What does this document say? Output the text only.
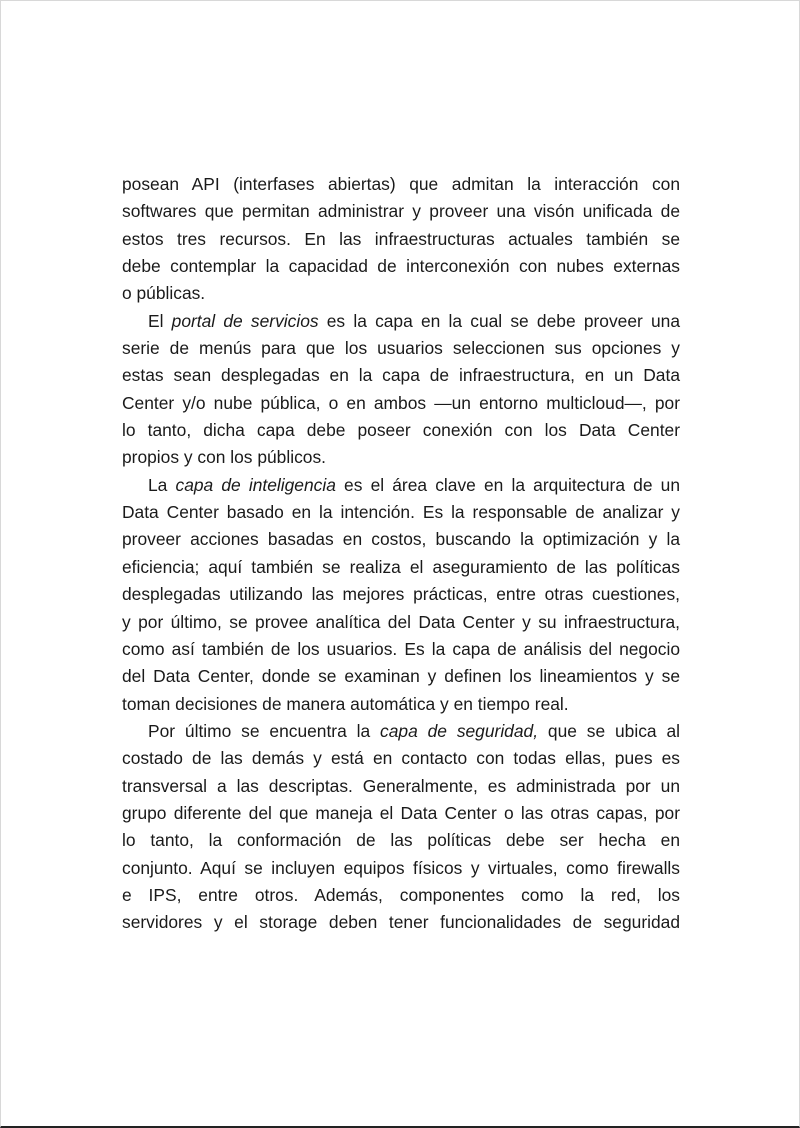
posean API (interfases abiertas) que admitan la interacción con
softwares que permitan administrar y proveer una visón unificada de
estos tres recursos. En las infraestructuras actuales también se
debe contemplar la capacidad de interconexión con nubes externas
o públicas.
El portal de servicios es la capa en la cual se debe proveer una
serie de menús para que los usuarios seleccionen sus opciones y
estas sean desplegadas en la capa de infraestructura, en un Data
Center y/o nube pública, o en ambos —un entorno multicloud—, por
lo tanto, dicha capa debe poseer conexión con los Data Center
propios y con los públicos.
La capa de inteligencia es el área clave en la arquitectura de un
Data Center basado en la intención. Es la responsable de analizar y
proveer acciones basadas en costos, buscando la optimización y la
eficiencia; aquí también se realiza el aseguramiento de las políticas
desplegadas utilizando las mejores prácticas, entre otras cuestiones,
y por último, se provee analítica del Data Center y su infraestructura,
como así también de los usuarios. Es la capa de análisis del negocio
del Data Center, donde se examinan y definen los lineamientos y se
toman decisiones de manera automática y en tiempo real.
Por último se encuentra la capa de seguridad, que se ubica al
costado de las demás y está en contacto con todas ellas, pues es
transversal a las descriptas. Generalmente, es administrada por un
grupo diferente del que maneja el Data Center o las otras capas, por
lo tanto, la conformación de las políticas debe ser hecha en
conjunto. Aquí se incluyen equipos físicos y virtuales, como firewalls
e IPS, entre otros. Además, componentes como la red, los
servidores y el storage deben tener funcionalidades de seguridad
